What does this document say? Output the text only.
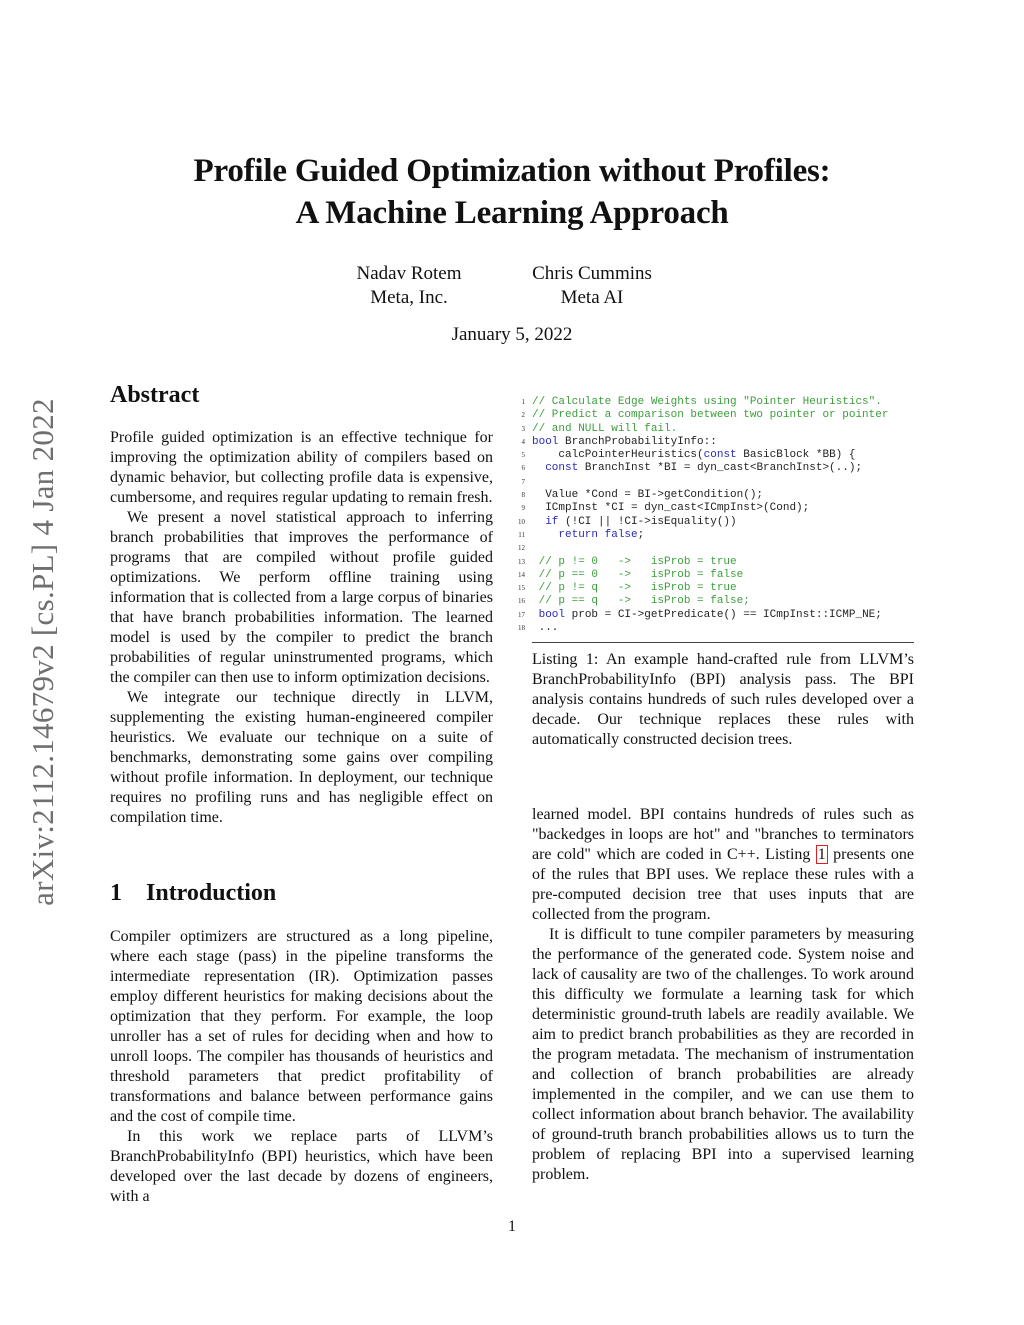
arXiv:2112.14679v2 [cs.PL] 4 Jan 2022
Profile Guided Optimization without Profiles:
A Machine Learning Approach
Nadav Rotem
Meta, Inc.
Chris Cummins
Meta AI
January 5, 2022
Abstract

Profile guided optimization is an effective technique for improving the optimization ability of compilers based on dynamic behavior, but collecting profile data is expensive, cumbersome, and requires regular updating to remain fresh.

We present a novel statistical approach to inferring branch probabilities that improves the performance of programs that are compiled without profile guided optimizations. We perform offline training using information that is collected from a large corpus of binaries that have branch probabilities information. The learned model is used by the compiler to predict the branch probabilities of regular uninstrumented programs, which the compiler can then use to inform optimization decisions.

We integrate our technique directly in LLVM, supplementing the existing human-engineered compiler heuristics. We evaluate our technique on a suite of benchmarks, demonstrating some gains over compiling without profile information. In deployment, our technique requires no profiling runs and has negligible effect on compilation time.

1 Introduction

Compiler optimizers are structured as a long pipeline, where each stage (pass) in the pipeline transforms the intermediate representation (IR). Optimization passes employ different heuristics for making decisions about the optimization that they perform. For example, the loop unroller has a set of rules for deciding when and how to unroll loops. The compiler has thousands of heuristics and threshold parameters that predict profitability of transformations and balance between performance gains and the cost of compile time.

In this work we replace parts of LLVM’s BranchProbabilityInfo (BPI) heuristics, which have been developed over the last decade by dozens of engineers, with a

1 // Calculate Edge Weights using "Pointer Heuristics".
2 // Predict a comparison between two pointer or pointer
3 // and NULL will fail.
4 bool BranchProbabilityInfo::
5 calcPointerHeuristics(const BasicBlock *BB) {
6	const BranchInst *BI = dyn_cast<BranchInst>(..);
7
8 Value *Cond = BI->getCondition();
9 ICmpInst *CI = dyn_cast<ICmpInst>(Cond);
10	if (!CI || !CI->isEquality())
11	return false;
12
13 // p != 0   ->   isProb = true
14 // p == 0   ->   isProb = false
15 // p != q   ->   isProb = true
16 // p == q   ->   isProb = false;
17	bool prob = CI->getPredicate() == ICmpInst::ICMP_NE;
18 ...

Listing 1: An example hand-crafted rule from LLVM’s BranchProbabilityInfo (BPI) analysis pass. The BPI analysis contains hundreds of such rules developed over a decade. Our technique replaces these rules with automatically constructed decision trees.

learned model. BPI contains hundreds of rules such as "backedges in loops are hot" and "branches to terminators are cold" which are coded in C++. Listing 1 presents one of the rules that BPI uses. We replace these rules with a pre-computed decision tree that uses inputs that are collected from the program.

It is difficult to tune compiler parameters by measuring the performance of the generated code. System noise and lack of causality are two of the challenges. To work around this difficulty we formulate a learning task for which deterministic ground-truth labels are readily available. We aim to predict branch probabilities as they are recorded in the program metadata. The mechanism of instrumentation and collection of branch probabilities are already implemented in the compiler, and we can use them to collect information about branch behavior. The availability of ground-truth branch probabilities allows us to turn the problem of replacing BPI into a supervised learning problem.

1
